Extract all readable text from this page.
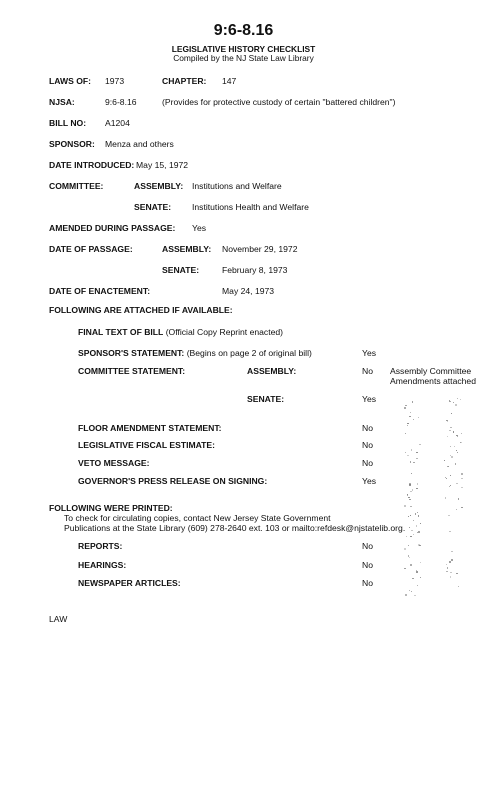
9:6-8.16
LEGISLATIVE HISTORY CHECKLIST
Compiled by the NJ State Law Library
LAWS OF: 1973	CHAPTER: 147
NJSA:	9:6-8.16	(Provides for protective custody of certain "battered children")
BILL NO: A1204
SPONSOR: Menza and others
DATE INTRODUCED: May 15, 1972
COMMITTEE:	ASSEMBLY: Institutions and Welfare
SENATE: Institutions Health and Welfare
AMENDED DURING PASSAGE: Yes
DATE OF PASSAGE:	ASSEMBLY: November 29, 1972
SENATE:	February 8, 1973
DATE OF ENACTEMENT:	May 24, 1973
FOLLOWING ARE ATTACHED IF AVAILABLE:
FINAL TEXT OF BILL (Official Copy Reprint enacted)
SPONSOR'S STATEMENT: (Begins on page 2 of original bill)	Yes
COMMITTEE STATEMENT:	ASSEMBLY:	No Assembly Committee
Amendments attached
SENATE:	Yes
FLOOR AMENDMENT STATEMENT:	No
LEGISLATIVE FISCAL ESTIMATE:	No
VETO MESSAGE:	No
GOVERNOR'S PRESS RELEASE ON SIGNING:	Yes
FOLLOWING WERE PRINTED:
To check for circulating copies, contact New Jersey State Government
Publications at the State Library (609) 278-2640 ext. 103 or mailto:refdesk@njstatelib.org.
REPORTS:	No
HEARINGS:	No
NEWSPAPER ARTICLES:	No
LAW
